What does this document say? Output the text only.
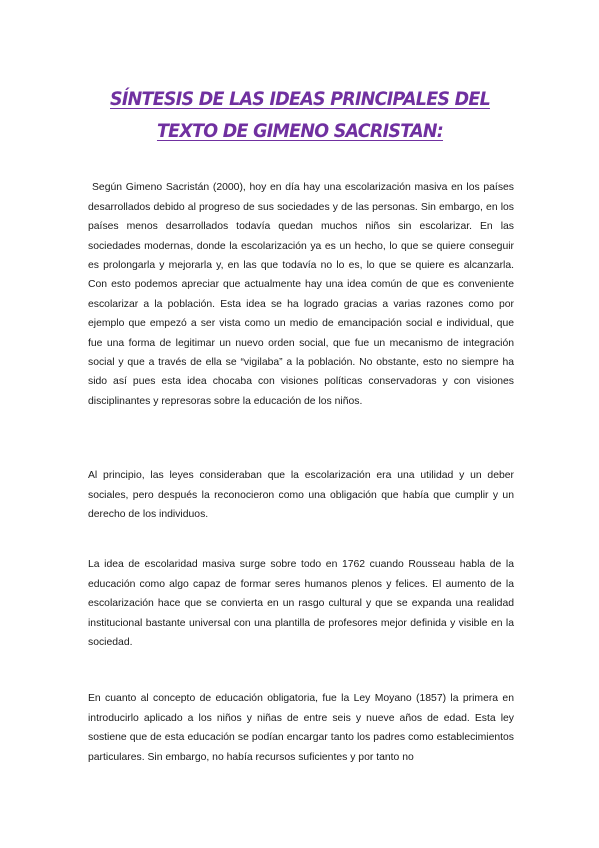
SÍNTESIS DE LAS IDEAS PRINCIPALES DEL TEXTO DE GIMENO SACRISTAN:

Según Gimeno Sacristán (2000), hoy en día hay una escolarización masiva en los países desarrollados debido al progreso de sus sociedades y de las personas. Sin embargo, en los países menos desarrollados todavía quedan muchos niños sin escolarizar. En las sociedades modernas, donde la escolarización ya es un hecho, lo que se quiere conseguir es prolongarla y mejorarla y, en las que todavía no lo es, lo que se quiere es alcanzarla. Con esto podemos apreciar que actualmente hay una idea común de que es conveniente escolarizar a la población. Esta idea se ha logrado gracias a varias razones como por ejemplo que empezó a ser vista como un medio de emancipación social e individual, que fue una forma de legitimar un nuevo orden social, que fue un mecanismo de integración social y que a través de ella se “vigilaba” a la población. No obstante, esto no siempre ha sido así pues esta idea chocaba con visiones políticas conservadoras y con visiones disciplinantes y represoras sobre la educación de los niños.

Al principio, las leyes consideraban que la escolarización era una utilidad y un deber sociales, pero después la reconocieron como una obligación que había que cumplir y un derecho de los individuos.

La idea de escolaridad masiva surge sobre todo en 1762 cuando Rousseau habla de la educación como algo capaz de formar seres humanos plenos y felices. El aumento de la escolarización hace que se convierta en un rasgo cultural y que se expanda una realidad institucional bastante universal con una plantilla de profesores mejor definida y visible en la sociedad.

En cuanto al concepto de educación obligatoria, fue la Ley Moyano (1857) la primera en introducirlo aplicado a los niños y niñas de entre seis y nueve años de edad. Esta ley sostiene que de esta educación se podían encargar tanto los padres como establecimientos particulares. Sin embargo, no había recursos suficientes y por tanto no
